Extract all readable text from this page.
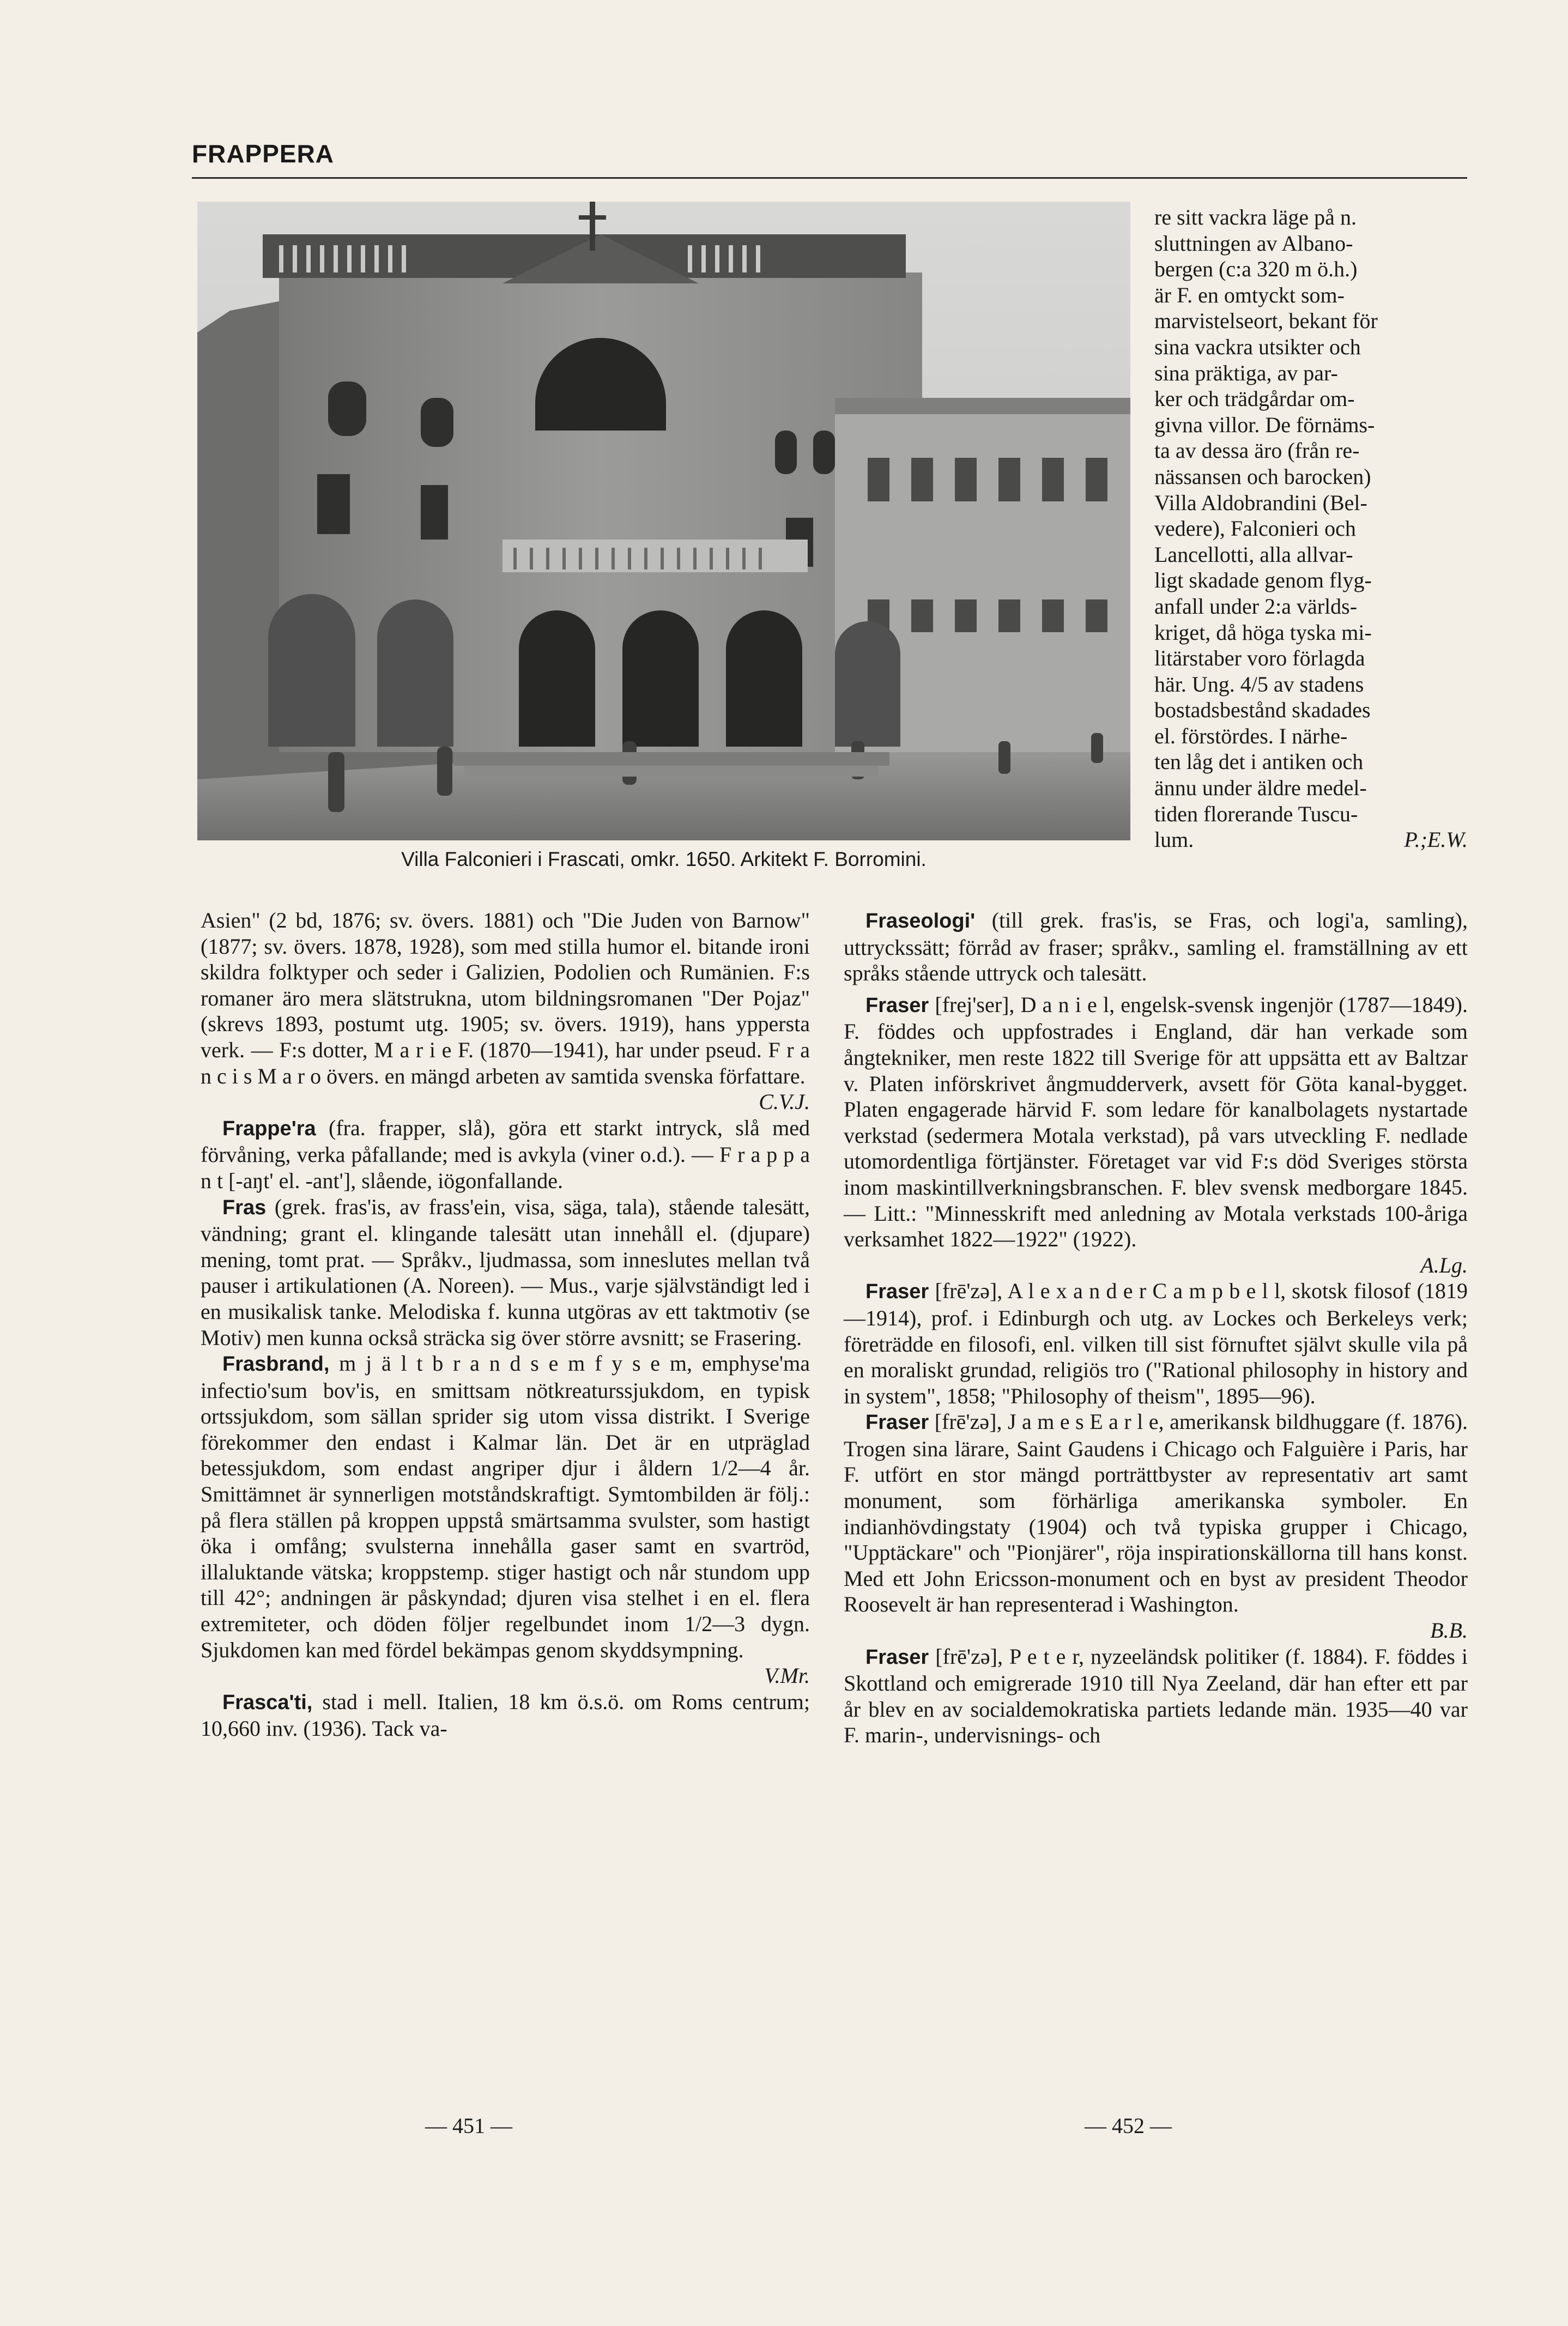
FRAPPERA
Villa Falconieri i Frascati, omkr. 1650. Arkitekt F. Borromini.

re sitt vackra läge på n.

sluttningen av Albano-

bergen (c:a 320 m ö.h.)

är F. en omtyckt som-

marvistelseort, bekant för

sina vackra utsikter och

sina präktiga, av par-

ker och trädgårdar om-

givna villor. De förnäms-

ta av dessa äro (från re-

nässansen och barocken)

Villa Aldobrandini (Bel-

vedere), Falconieri och

Lancellotti, alla allvar-

ligt skadade genom flyg-

anfall under 2:a världs-

kriget, då höga tyska mi-

litärstaber voro förlagda

här. Ung. 4/5 av stadens

bostadsbestånd skadades

el. förstördes. I närhe-

ten låg det i antiken och

ännu under äldre medel-

tiden florerande Tuscu-

lum.	P.;E.W.

Asien" (2 bd, 1876; sv. övers. 1881) och "Die Juden von Barnow" (1877; sv. övers. 1878, 1928), som med stilla humor el. bitande ironi skildra folktyper och seder i Galizien, Podolien och Rumänien. F:s romaner äro mera slätstrukna, utom bildningsromanen "Der Pojaz" (skrevs 1893, postumt utg. 1905; sv. övers. 1919), hans yppersta verk. — F:s dotter, M a r i e F. (1870—1941), har under pseud. F r a n c i s M a r o övers. en mängd arbeten av samtida svenska författare.
C.V.J.

Frappe'ra (fra. frapper, slå), göra ett starkt intryck, slå med förvåning, verka påfallande; med is avkyla (viner o.d.). — F r a p p a n t [-aŋt' el. -ant'], slående, iögonfallande.

Fras (grek. fras'is, av frass'ein, visa, säga, tala), stående talesätt, vändning; grant el. klingande talesätt utan innehåll el. (djupare) mening, tomt prat. — Språkv., ljudmassa, som inneslutes mellan två pauser i artikulationen (A. Noreen). — Mus., varje självständigt led i en musikalisk tanke. Melodiska f. kunna utgöras av ett taktmotiv (se Motiv) men kunna också sträcka sig över större avsnitt; se Frasering.

Frasbrand, m j ä l t b r a n d s e m f y s e m, emphyse'ma infectio'sum bov'is, en smittsam nötkreaturssjukdom, en typisk ortssjukdom, som sällan sprider sig utom vissa distrikt. I Sverige förekommer den endast i Kalmar län. Det är en utpräglad betessjukdom, som endast angriper djur i åldern 1/2—4 år. Smittämnet är synnerligen motståndskraftigt. Symtombilden är följ.: på flera ställen på kroppen uppstå smärtsamma svulster, som hastigt öka i omfång; svulsterna innehålla gaser samt en svartröd, illaluktande vätska; kroppstemp. stiger hastigt och når stundom upp till 42°; andningen är påskyndad; djuren visa stelhet i en el. flera extremiteter, och döden följer regelbundet inom 1/2—3 dygn. Sjukdomen kan med fördel bekämpas genom skyddsympning.
V.Mr.

Frasca'ti, stad i mell. Italien, 18 km ö.s.ö. om Roms centrum; 10,660 inv. (1936). Tack va-

Fraseologi' (till grek. fras'is, se Fras, och logi'a, samling), uttryckssätt; förråd av fraser; språkv., samling el. framställning av ett språks stående uttryck och talesätt.

Fraser [frej'ser], D a n i e l, engelsk-svensk ingenjör (1787—1849). F. föddes och uppfostrades i England, där han verkade som ångtekniker, men reste 1822 till Sverige för att uppsätta ett av Baltzar v. Platen införskrivet ångmudderverk, avsett för Göta kanal-bygget. Platen engagerade härvid F. som ledare för kanalbolagets nystartade verkstad (sedermera Motala verkstad), på vars utveckling F. nedlade utomordentliga förtjänster. Företaget var vid F:s död Sveriges största inom maskintillverkningsbranschen. F. blev svensk medborgare 1845. — Litt.: "Minnesskrift med anledning av Motala verkstads 100-åriga verksamhet 1822—1922" (1922).
A.Lg.

Fraser [frē'zə], A l e x a n d e r C a m p b e l l, skotsk filosof (1819—1914), prof. i Edinburgh och utg. av Lockes och Berkeleys verk; företrädde en filosofi, enl. vilken till sist förnuftet självt skulle vila på en moraliskt grundad, religiös tro ("Rational philosophy in history and in system", 1858; "Philosophy of theism", 1895—96).

Fraser [frē'zə], J a m e s E a r l e, amerikansk bildhuggare (f. 1876). Trogen sina lärare, Saint Gaudens i Chicago och Falguière i Paris, har F. utfört en stor mängd porträttbyster av representativ art samt monument, som förhärliga amerikanska symboler. En indianhövdingstaty (1904) och två typiska grupper i Chicago, "Upptäckare" och "Pionjärer", röja inspirationskällorna till hans konst. Med ett John Ericsson-monument och en byst av president Theodor Roosevelt är han representerad i Washington.
B.B.

Fraser [frē'zə], P e t e r, nyzeeländsk politiker (f. 1884). F. föddes i Skottland och emigrerade 1910 till Nya Zeeland, där han efter ett par år blev en av socialdemokratiska partiets ledande män. 1935—40 var F. marin-, undervisnings- och

— 451 —	— 452 —
